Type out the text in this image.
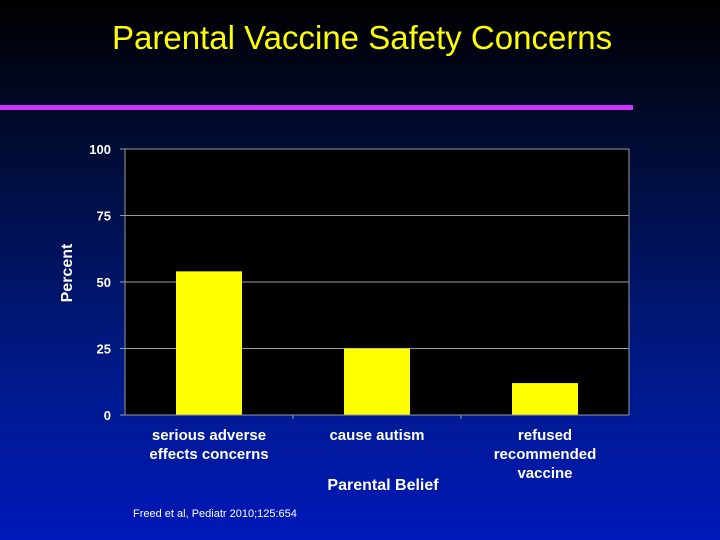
Parental Vaccine Safety Concerns
0
25
50
75
100
serious adverse effects concerns
cause autism	refused recommended vaccine
Parental Belief
Percent
Freed et al, Pediatr 2010;125:654
